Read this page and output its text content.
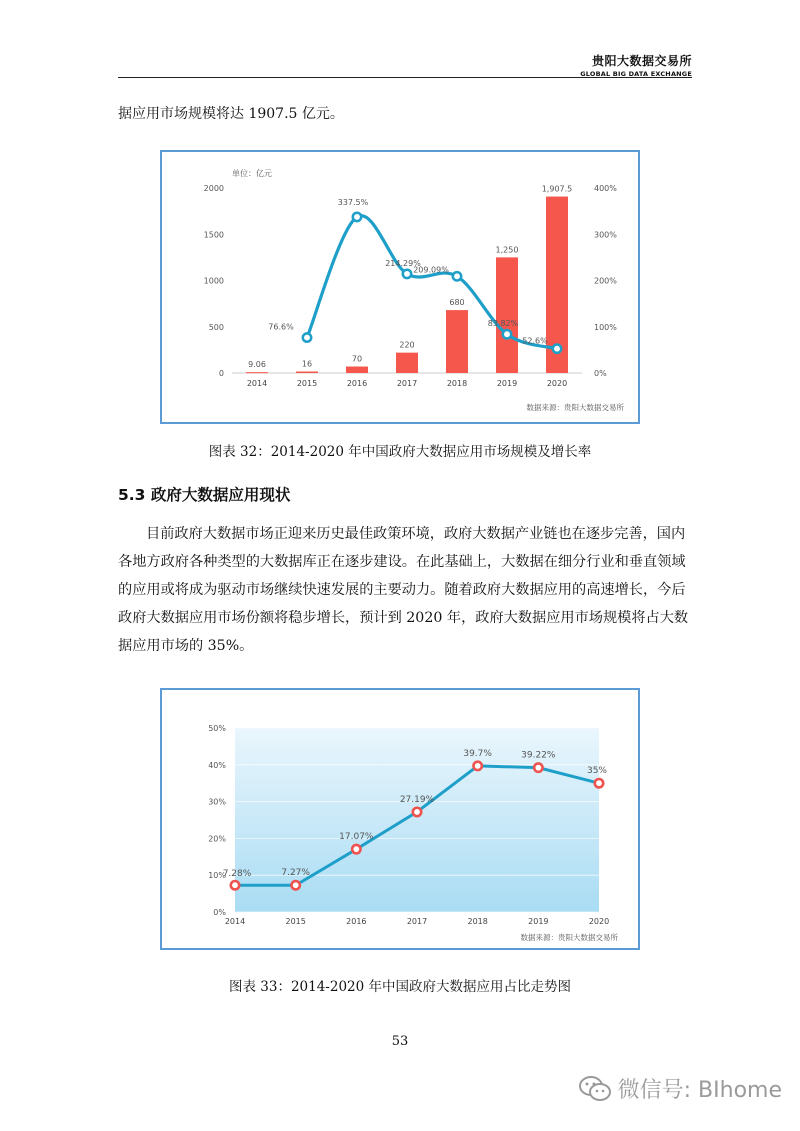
贵阳大数据交易所
GLOBAL BIG DATA EXCHANGE
据应用市场规模将达 1907.5 亿元。
单位：亿元
0
500
1000
1500
2000
0%
100%
200%
300%
400%
9.06	16
70
220
680
1,250
1,907.5
2014	2015	2016	2017	2018	2019	2020
76.6%
337.5%
214.29%
209.09%
83.82%
52.6%
数据来源：贵阳大数据交易所
图表 32：2014-2020 年中国政府大数据应用市场规模及增长率
5.3 政府大数据应用现状
目前政府大数据市场正迎来历史最佳政策环境，政府大数据产业链也在逐步完善，国内
各地方政府各种类型的大数据库正在逐步建设。在此基础上，大数据在细分行业和垂直领域
的应用或将成为驱动市场继续快速发展的主要动力。随着政府大数据应用的高速增长，今后
政府大数据应用市场份额将稳步增长，预计到 2020 年，政府大数据应用市场规模将占大数
据应用市场的 35%。
0%
10%
20%
30%
40%
50%
2014	2015	2016	2017	2018	2019	2020
7.28%	7.27%
17.07%
27.19%
39.7%	39.22%
35%
数据来源：贵阳大数据交易所
图表 33：2014-2020 年中国政府大数据应用占比走势图
53
微信号: BIhome
